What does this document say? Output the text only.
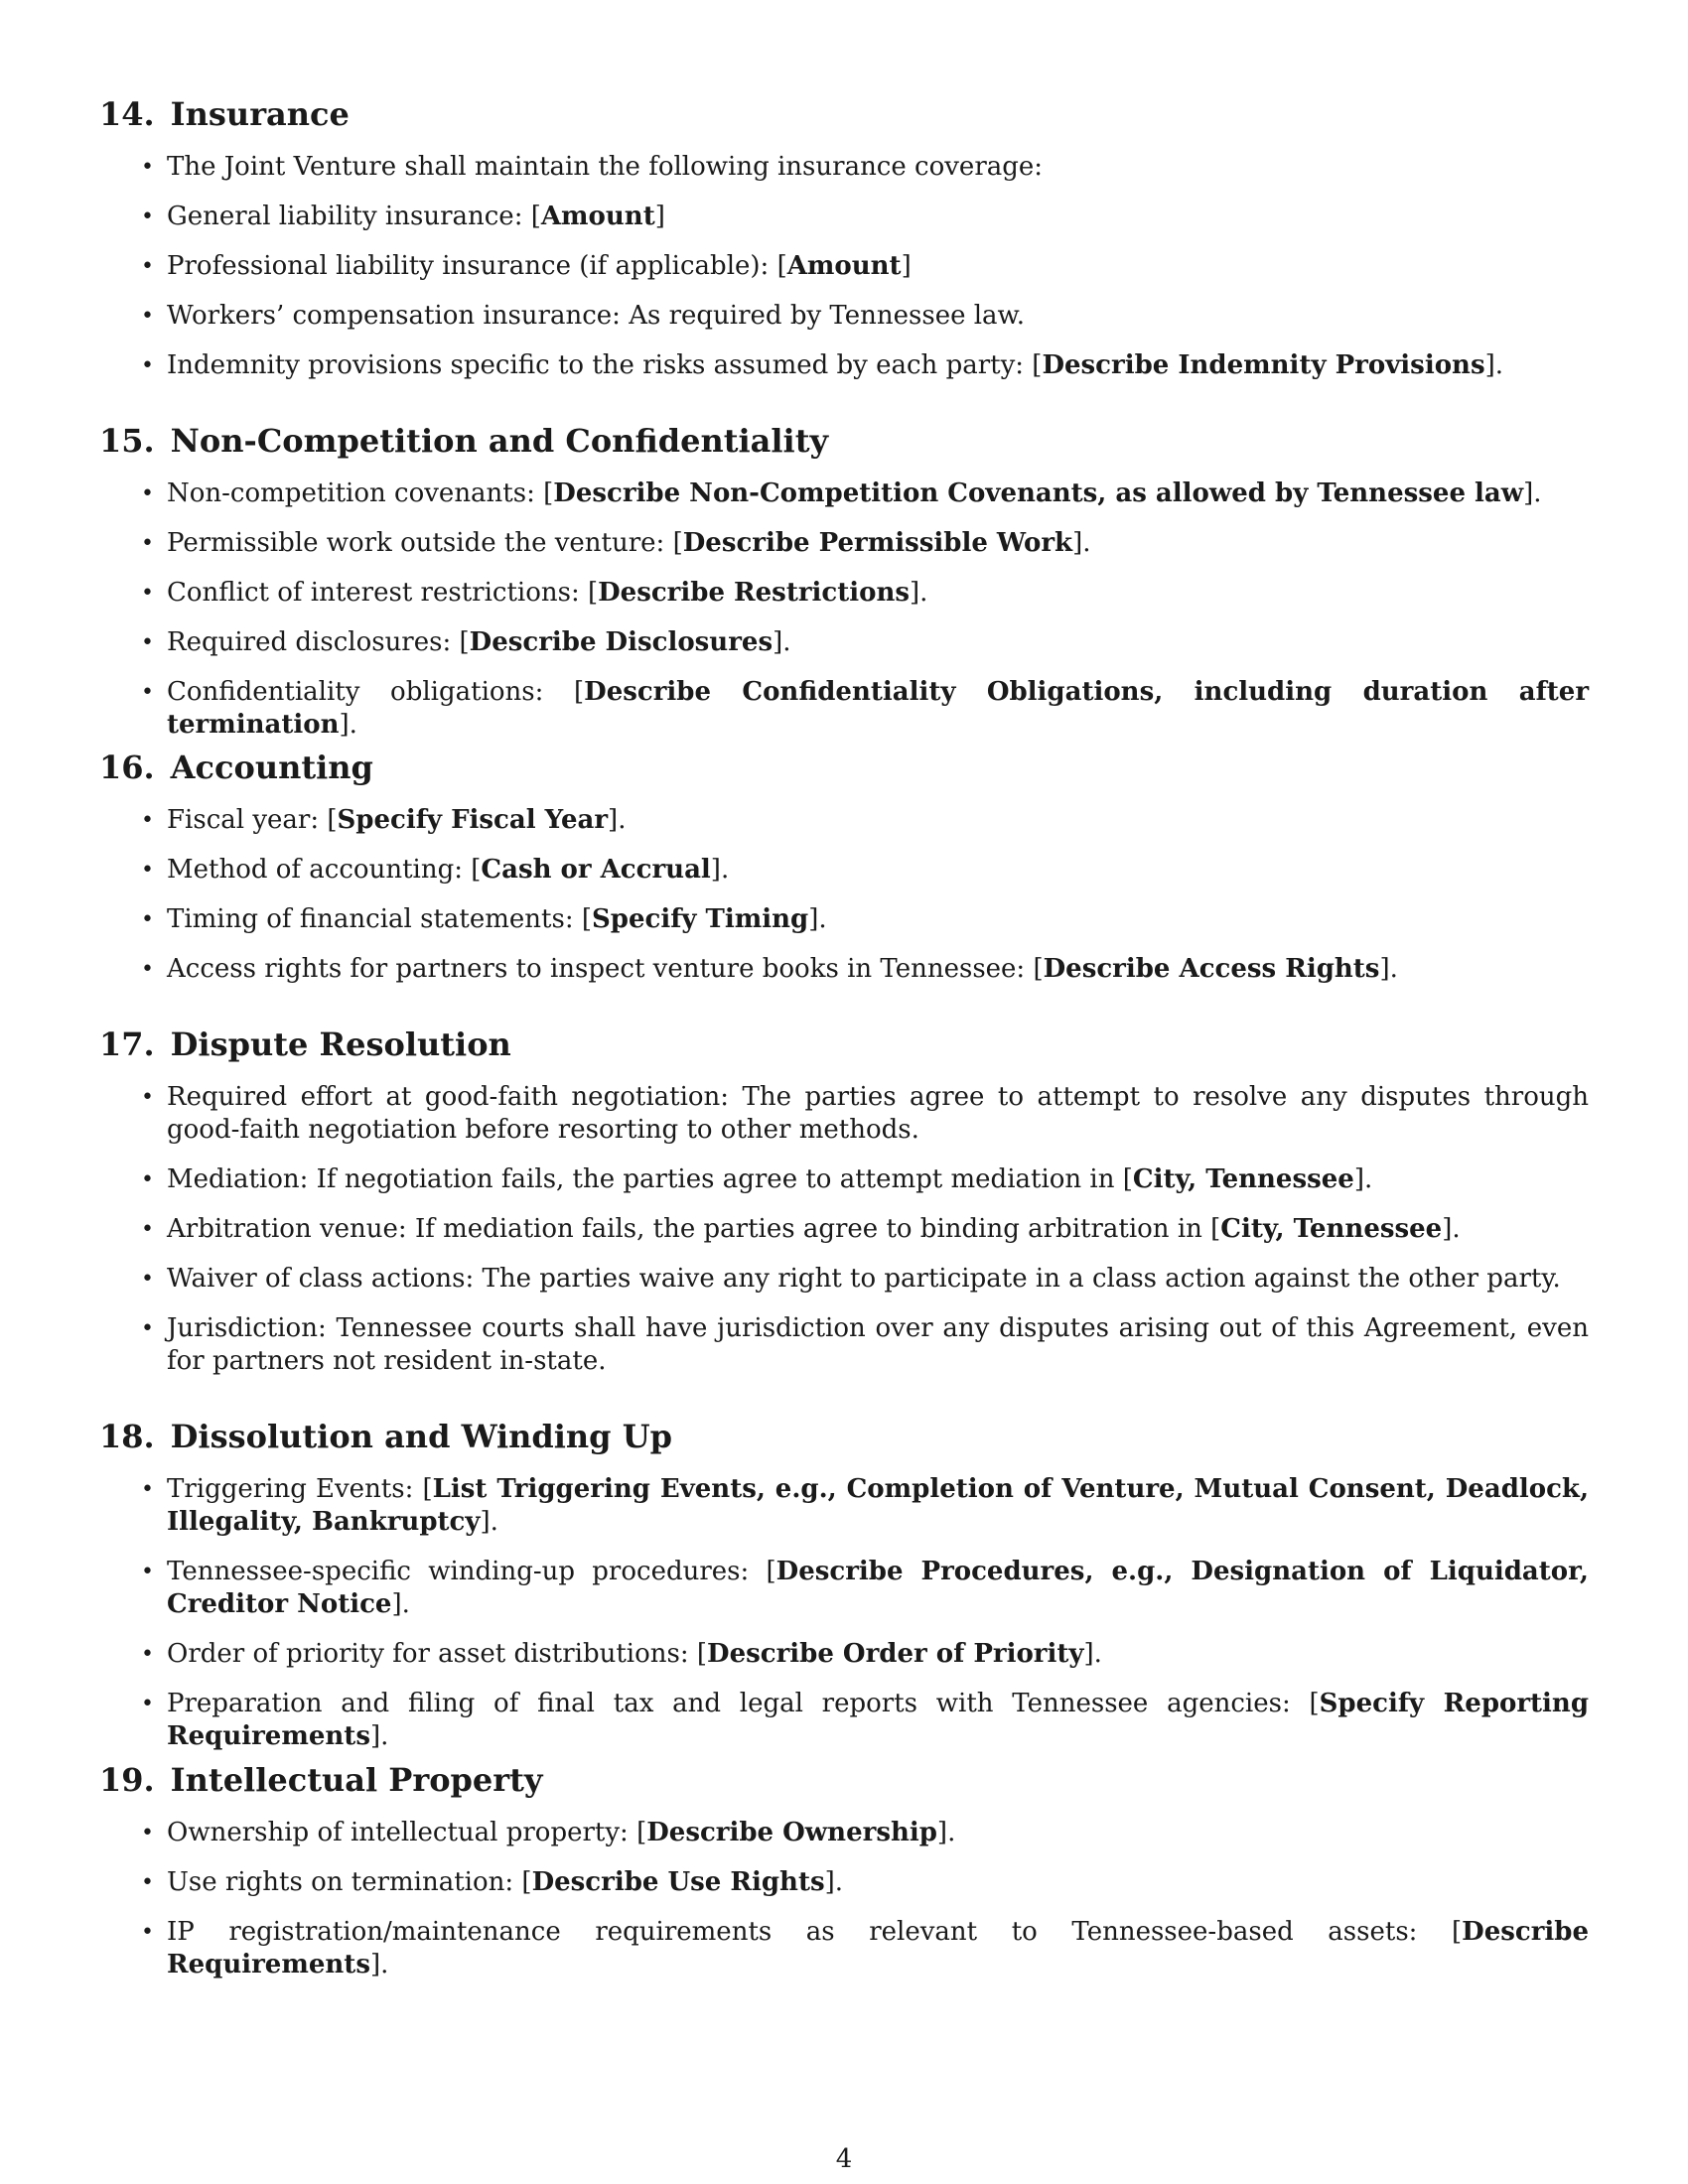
14. Insurance
• The Joint Venture shall maintain the following insurance coverage:
• General liability insurance: [Amount]
• Professional liability insurance (if applicable): [Amount]
• Workers’ compensation insurance: As required by Tennessee law.
• Indemnity provisions specific to the risks assumed by each party: [Describe Indemnity Provisions].
15. Non-Competition and Confidentiality
• Non-competition covenants: [Describe Non-Competition Covenants, as allowed by Tennessee law].
• Permissible work outside the venture: [Describe Permissible Work].
• Conflict of interest restrictions: [Describe Restrictions].
• Required disclosures: [Describe Disclosures].
• Confidentiality obligations: [Describe Confidentiality Obligations, including duration after termination].
16. Accounting
• Fiscal year: [Specify Fiscal Year].
• Method of accounting: [Cash or Accrual].
• Timing of financial statements: [Specify Timing].
• Access rights for partners to inspect venture books in Tennessee: [Describe Access Rights].
17. Dispute Resolution
• Required effort at good-faith negotiation: The parties agree to attempt to resolve any disputes through good-faith negotiation before resorting to other methods.
• Mediation: If negotiation fails, the parties agree to attempt mediation in [City, Tennessee].
• Arbitration venue: If mediation fails, the parties agree to binding arbitration in [City, Tennessee].
• Waiver of class actions: The parties waive any right to participate in a class action against the other party.
• Jurisdiction: Tennessee courts shall have jurisdiction over any disputes arising out of this Agreement, even for partners not resident in-state.
18. Dissolution and Winding Up
• Triggering Events: [List Triggering Events, e.g., Completion of Venture, Mutual Consent, Deadlock, Illegality, Bankruptcy].
• Tennessee-specific winding-up procedures: [Describe Procedures, e.g., Designation of Liquidator, Creditor Notice].
• Order of priority for asset distributions: [Describe Order of Priority].
• Preparation and filing of final tax and legal reports with Tennessee agencies: [Specify Reporting Requirements].
19. Intellectual Property
• Ownership of intellectual property: [Describe Ownership].
• Use rights on termination: [Describe Use Rights].
• IP registration/maintenance requirements as relevant to Tennessee-based assets: [Describe Requirements].
4
